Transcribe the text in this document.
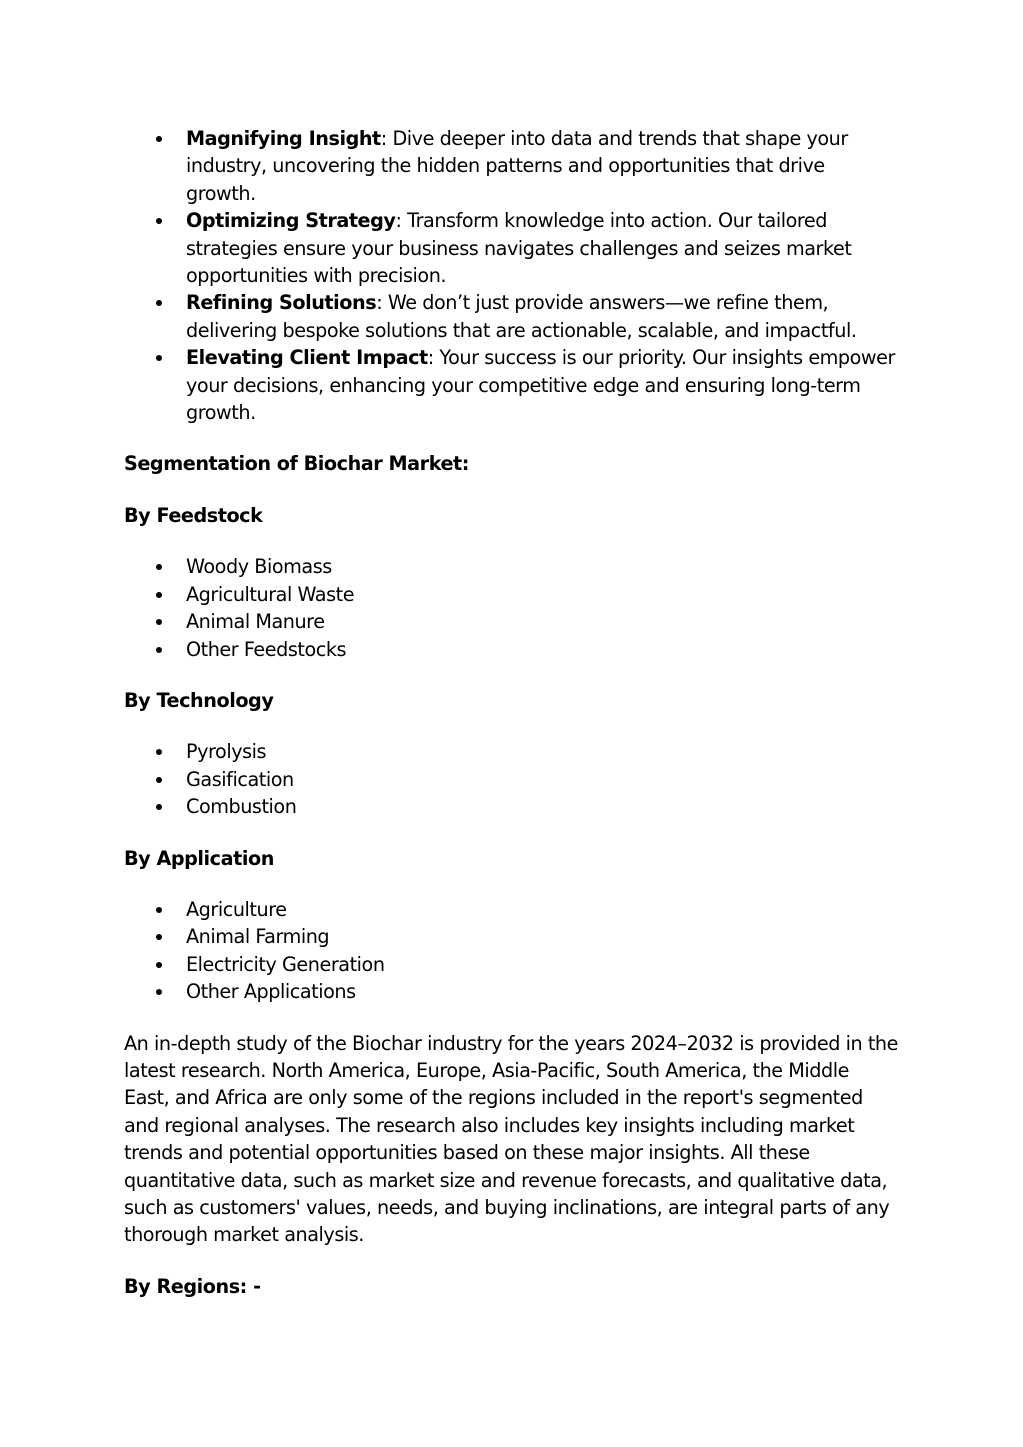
Magnifying Insight: Dive deeper into data and trends that shape your industry, uncovering the hidden patterns and opportunities that drive growth.
Optimizing Strategy: Transform knowledge into action. Our tailored strategies ensure your business navigates challenges and seizes market opportunities with precision.
Refining Solutions: We don’t just provide answers—we refine them, delivering bespoke solutions that are actionable, scalable, and impactful.
Elevating Client Impact: Your success is our priority. Our insights empower your decisions, enhancing your competitive edge and ensuring long-term growth.

Segmentation of Biochar Market:

By Feedstock

Woody Biomass
Agricultural Waste
Animal Manure
Other Feedstocks

By Technology

Pyrolysis
Gasification
Combustion

By Application

Agriculture
Animal Farming
Electricity Generation
Other Applications

An in-depth study of the Biochar industry for the years 2024–2032 is provided in the latest research. North America, Europe, Asia-Pacific, South America, the Middle East, and Africa are only some of the regions included in the report's segmented and regional analyses. The research also includes key insights including market trends and potential opportunities based on these major insights. All these quantitative data, such as market size and revenue forecasts, and qualitative data, such as customers' values, needs, and buying inclinations, are integral parts of any thorough market analysis.

By Regions: -
